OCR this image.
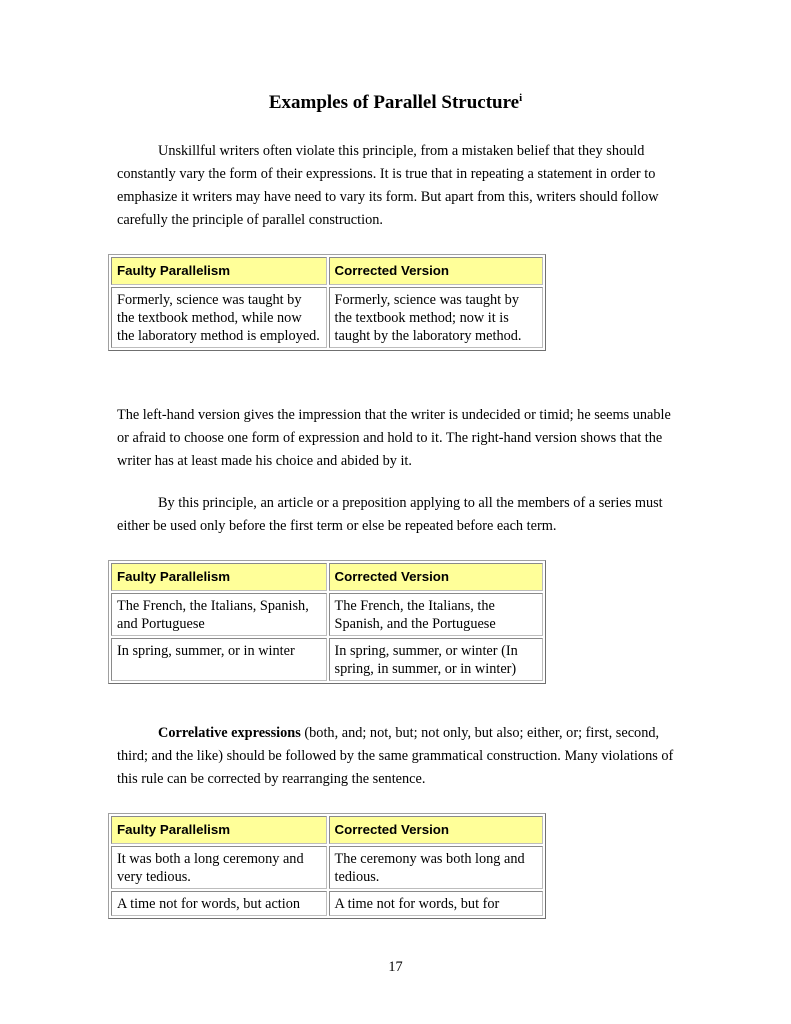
Examples of Parallel Structure$^i$

Unskillful writers often violate this principle, from a mistaken belief that they should constantly vary the form of their expressions. It is true that in repeating a statement in order to emphasize it writers may have need to vary its form. But apart from this, writers should follow carefully the principle of parallel construction.

Faulty Parallelism	Corrected Version
Formerly, science was taught by the textbook method, while now the laboratory method is employed.	Formerly, science was taught by the textbook method; now it is taught by the laboratory method.

The left-hand version gives the impression that the writer is undecided or timid; he seems unable or afraid to choose one form of expression and hold to it. The right-hand version shows that the writer has at least made his choice and abided by it.

By this principle, an article or a preposition applying to all the members of a series must either be used only before the first term or else be repeated before each term.

Faulty Parallelism	Corrected Version
The French, the Italians, Spanish, and Portuguese	The French, the Italians, the Spanish, and the Portuguese
In spring, summer, or in winter	In spring, summer, or winter (In spring, in summer, or in winter)

Correlative expressions (both, and; not, but; not only, but also; either, or; first, second, third; and the like) should be followed by the same grammatical construction. Many violations of this rule can be corrected by rearranging the sentence.

Faulty Parallelism	Corrected Version
It was both a long ceremony and very tedious.	The ceremony was both long and tedious.
A time not for words, but action	A time not for words, but for

17
